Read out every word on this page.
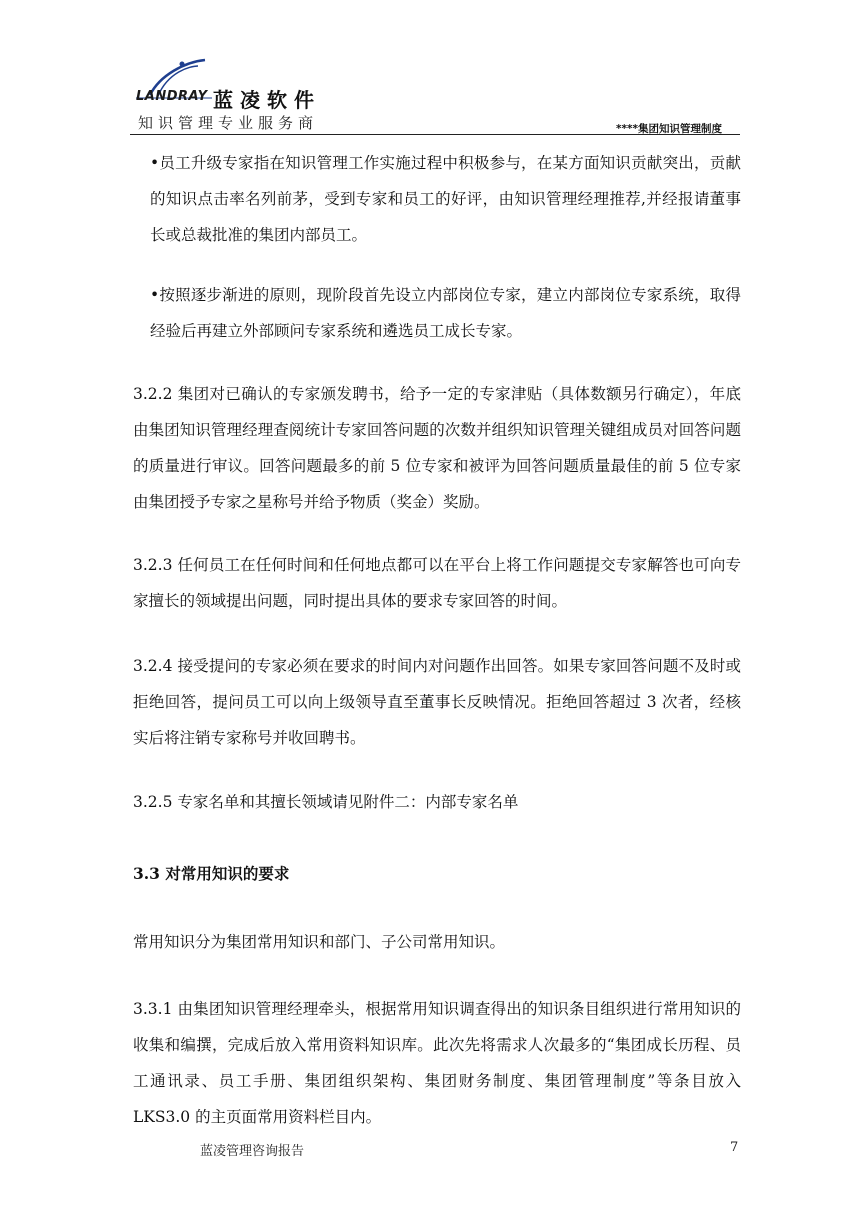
LANDRAY 蓝凌软件
知识管理专业服务商	****集团知识管理制度

•员工升级专家指在知识管理工作实施过程中积极参与，在某方面知识贡献突出，贡献的知识点击率名列前茅，受到专家和员工的好评，由知识管理经理推荐,并经报请董事长或总裁批准的集团内部员工。

•按照逐步渐进的原则，现阶段首先设立内部岗位专家，建立内部岗位专家系统，取得经验后再建立外部顾问专家系统和遴选员工成长专家。

3.2.2 集团对已确认的专家颁发聘书，给予一定的专家津贴（具体数额另行确定），年底由集团知识管理经理查阅统计专家回答问题的次数并组织知识管理关键组成员对回答问题的质量进行审议。回答问题最多的前 5 位专家和被评为回答问题质量最佳的前 5 位专家由集团授予专家之星称号并给予物质（奖金）奖励。

3.2.3 任何员工在任何时间和任何地点都可以在平台上将工作问题提交专家解答也可向专家擅长的领域提出问题，同时提出具体的要求专家回答的时间。

3.2.4 接受提问的专家必须在要求的时间内对问题作出回答。如果专家回答问题不及时或拒绝回答，提问员工可以向上级领导直至董事长反映情况。拒绝回答超过 3 次者，经核实后将注销专家称号并收回聘书。

3.2.5 专家名单和其擅长领域请见附件二：内部专家名单

3.3 对常用知识的要求

常用知识分为集团常用知识和部门、子公司常用知识。

3.3.1 由集团知识管理经理牵头，根据常用知识调查得出的知识条目组织进行常用知识的收集和编撰，完成后放入常用资料知识库。此次先将需求人次最多的“集团成长历程、员工通讯录、员工手册、集团组织架构、集团财务制度、集团管理制度”等条目放入 LKS3.0 的主页面常用资料栏目内。

蓝凌管理咨询报告	7
